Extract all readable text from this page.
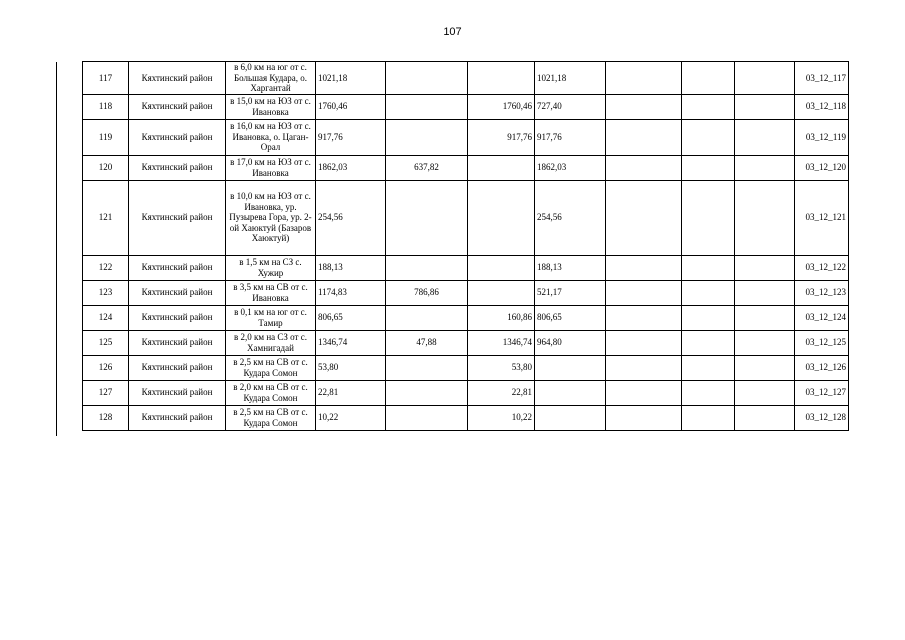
107
117	Кяхтинский район	в 6,0 км на юг от с. Большая Кудара, о. Харгантай	1021,18			1021,18				03_12_117
118	Кяхтинский район	в 15,0 км на ЮЗ от с. Ивановка	1760,46		1760,46	727,40				03_12_118
119	Кяхтинский район	в 16,0 км на ЮЗ от с. Ивановка, о. Цаган-Орал	917,76		917,76	917,76				03_12_119
120	Кяхтинский район	в 17,0 км на ЮЗ от с. Ивановка	1862,03	637,82		1862,03				03_12_120
121	Кяхтинский район	в 10,0 км на ЮЗ от с. Ивановка, ур. Пузырева Гора, ур. 2-ой Хаюктуй (Базаров Хаюктуй)	254,56			254,56				03_12_121
122	Кяхтинский район	в 1,5 км на СЗ с. Хужир	188,13			188,13				03_12_122
123	Кяхтинский район	в 3,5 км на СВ от с. Ивановка	1174,83	786,86		521,17				03_12_123
124	Кяхтинский район	в 0,1 км на юг от с. Тамир	806,65		160,86	806,65				03_12_124
125	Кяхтинский район	в 2,0 км на СЗ от с. Хамнигадай	1346,74	47,88	1346,74	964,80				03_12_125
126	Кяхтинский район	в 2,5 км на СВ от с. Кудара Сомон	53,80		53,80					03_12_126
127	Кяхтинский район	в 2,0 км на СВ от с. Кудара Сомон	22,81		22,81					03_12_127
128	Кяхтинский район	в 2,5 км на СВ от с. Кудара Сомон	10,22		10,22					03_12_128
